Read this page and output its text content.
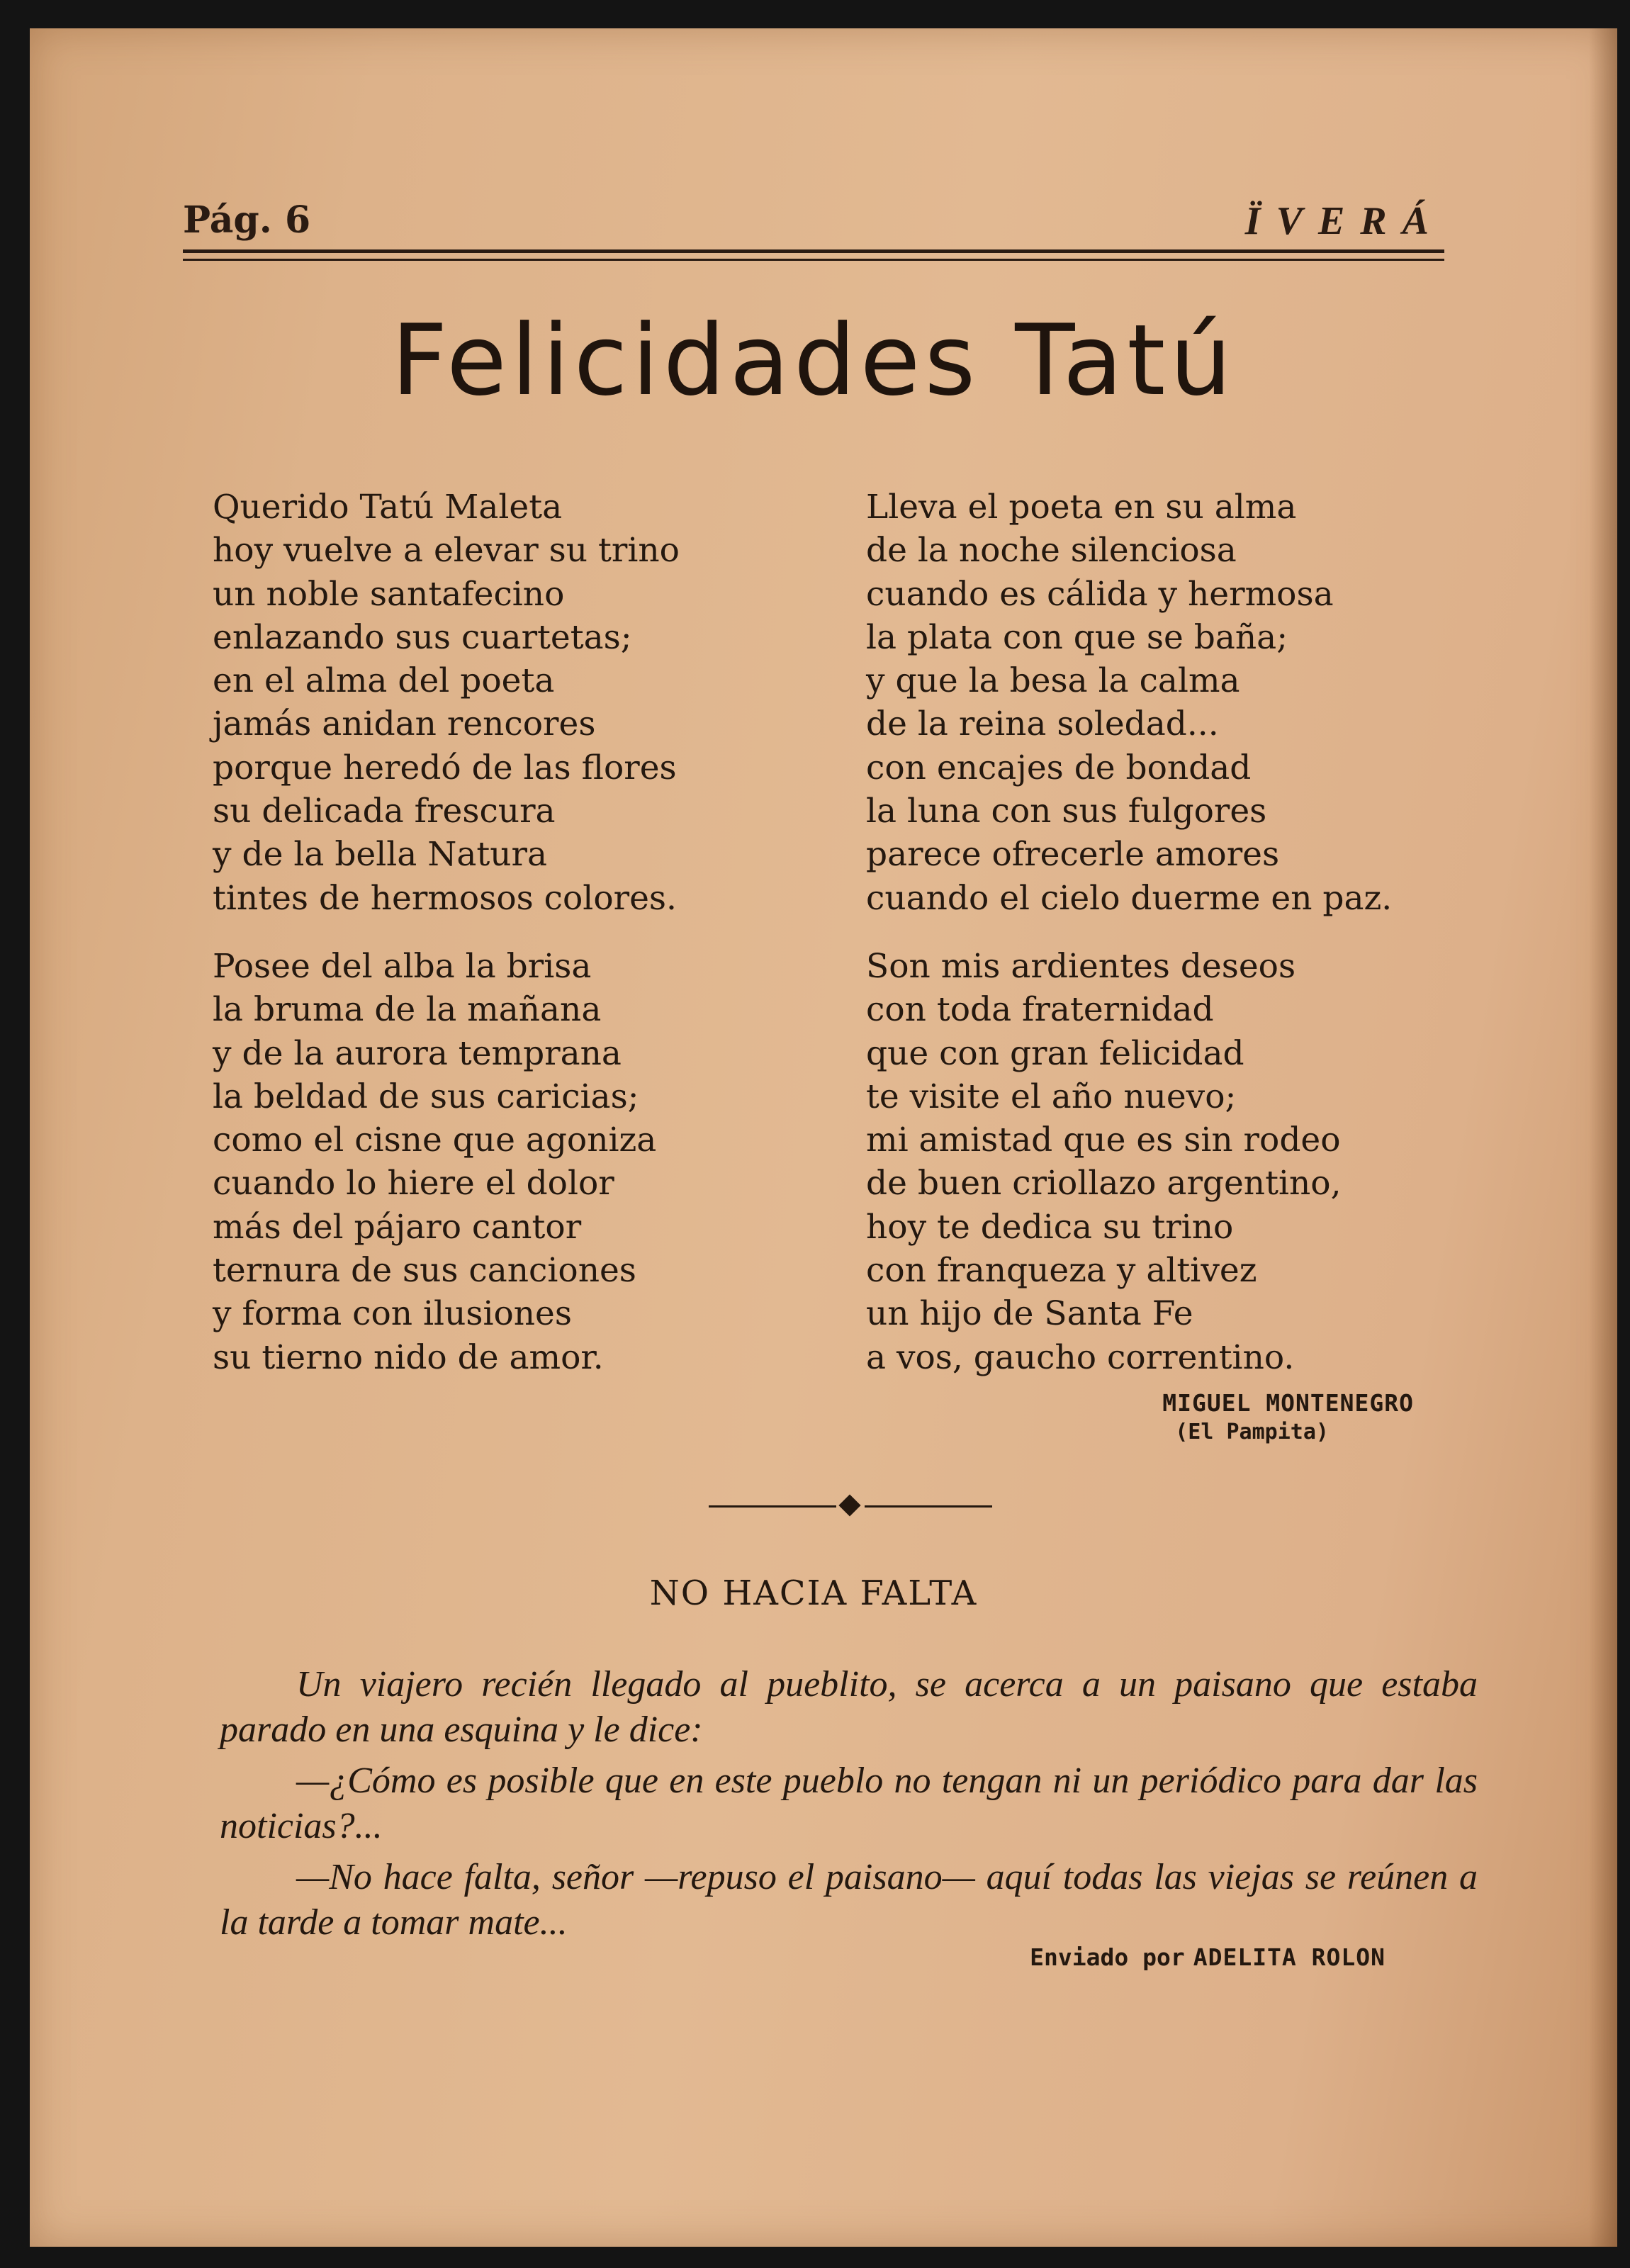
Pág. 6	ÏVERÁ
Felicidades Tatú
Querido Tatú Maleta
hoy vuelve a elevar su trino
un noble santafecino
enlazando sus cuartetas;
en el alma del poeta
jamás anidan rencores
porque heredó de las flores
su delicada frescura
y de la bella Natura
tintes de hermosos colores.
Posee del alba la brisa
la bruma de la mañana
y de la aurora temprana
la beldad de sus caricias;
como el cisne que agoniza
cuando lo hiere el dolor
más del pájaro cantor
ternura de sus canciones
y forma con ilusiones
su tierno nido de amor.
Lleva el poeta en su alma
de la noche silenciosa
cuando es cálida y hermosa
la plata con que se baña;
y que la besa la calma
de la reina soledad...
con encajes de bondad
la luna con sus fulgores
parece ofrecerle amores
cuando el cielo duerme en paz.
Son mis ardientes deseos
con toda fraternidad
que con gran felicidad
te visite el año nuevo;
mi amistad que es sin rodeo
de buen criollazo argentino,
hoy te dedica su trino
con franqueza y altivez
un hijo de Santa Fe
a vos, gaucho correntino.
MIGUEL MONTENEGRO
(El Pampita)
NO HACIA FALTA

Un viajero recién llegado al pueblito, se acerca a un paisano que estaba parado en una esquina y le dice:

—¿Cómo es posible que en este pueblo no tengan ni un periódico para dar las noticias?...

—No hace falta, señor —repuso el paisano— aquí todas las viejas se reúnen a la tarde a tomar mate...

Enviado por ADELITA ROLON
